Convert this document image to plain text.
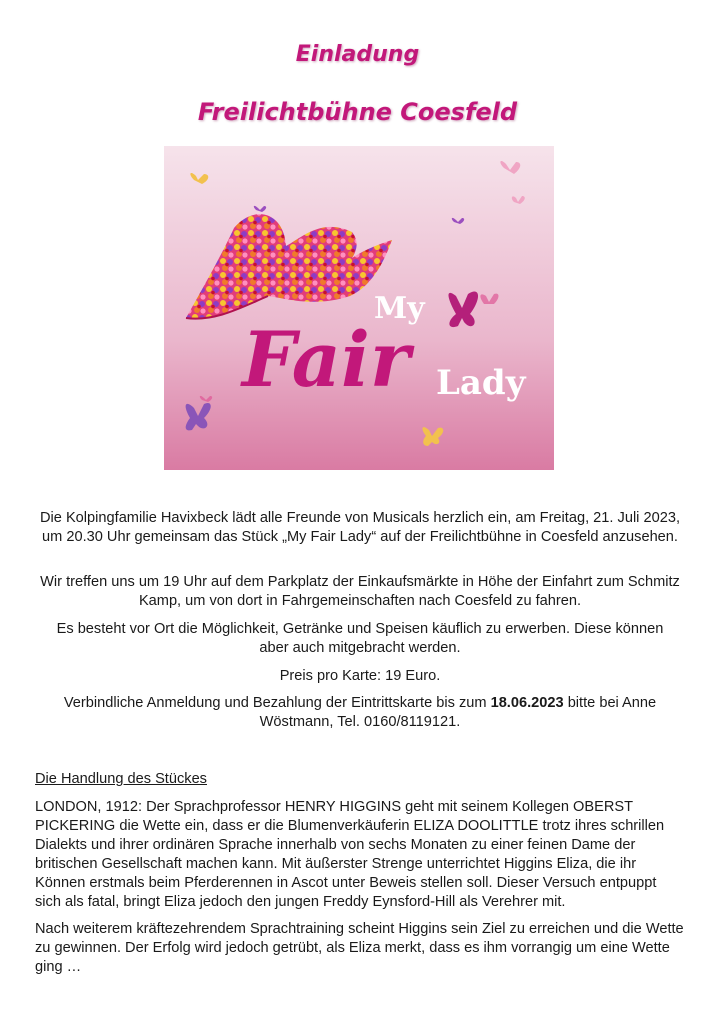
Einladung
Freilichtbühne Coesfeld
My
Fair Lady

Die Kolpingfamilie Havixbeck lädt alle Freunde von Musicals herzlich ein, am Freitag, 21. Juli 2023, um 20.30 Uhr gemeinsam das Stück „My Fair Lady“ auf der Freilichtbühne in Coesfeld anzusehen.

Wir treffen uns um 19 Uhr auf dem Parkplatz der Einkaufsmärkte in Höhe der Einfahrt zum Schmitz Kamp, um von dort in Fahrgemeinschaften nach Coesfeld zu fahren.

Es besteht vor Ort die Möglichkeit, Getränke und Speisen käuflich zu erwerben. Diese können aber auch mitgebracht werden.

Preis pro Karte: 19 Euro.

Verbindliche Anmeldung und Bezahlung der Eintrittskarte bis zum 18.06.2023 bitte bei Anne Wöstmann, Tel. 0160/8119121.

Die Handlung des Stückes

LONDON, 1912: Der Sprachprofessor HENRY HIGGINS geht mit seinem Kollegen OBERST PICKERING die Wette ein, dass er die Blumenverkäuferin ELIZA DOOLITTLE trotz ihres schrillen Dialekts und ihrer ordinären Sprache innerhalb von sechs Monaten zu einer feinen Dame der britischen Gesellschaft machen kann. Mit äußerster Strenge unterrichtet Higgins Eliza, die ihr Können erstmals beim Pferderennen in Ascot unter Beweis stellen soll. Dieser Versuch entpuppt sich als fatal, bringt Eliza jedoch den jungen Freddy Eynsford-Hill als Verehrer mit.

Nach weiterem kräftezehrendem Sprachtraining scheint Higgins sein Ziel zu erreichen und die Wette zu gewinnen. Der Erfolg wird jedoch getrübt, als Eliza merkt, dass es ihm vorrangig um eine Wette ging …
